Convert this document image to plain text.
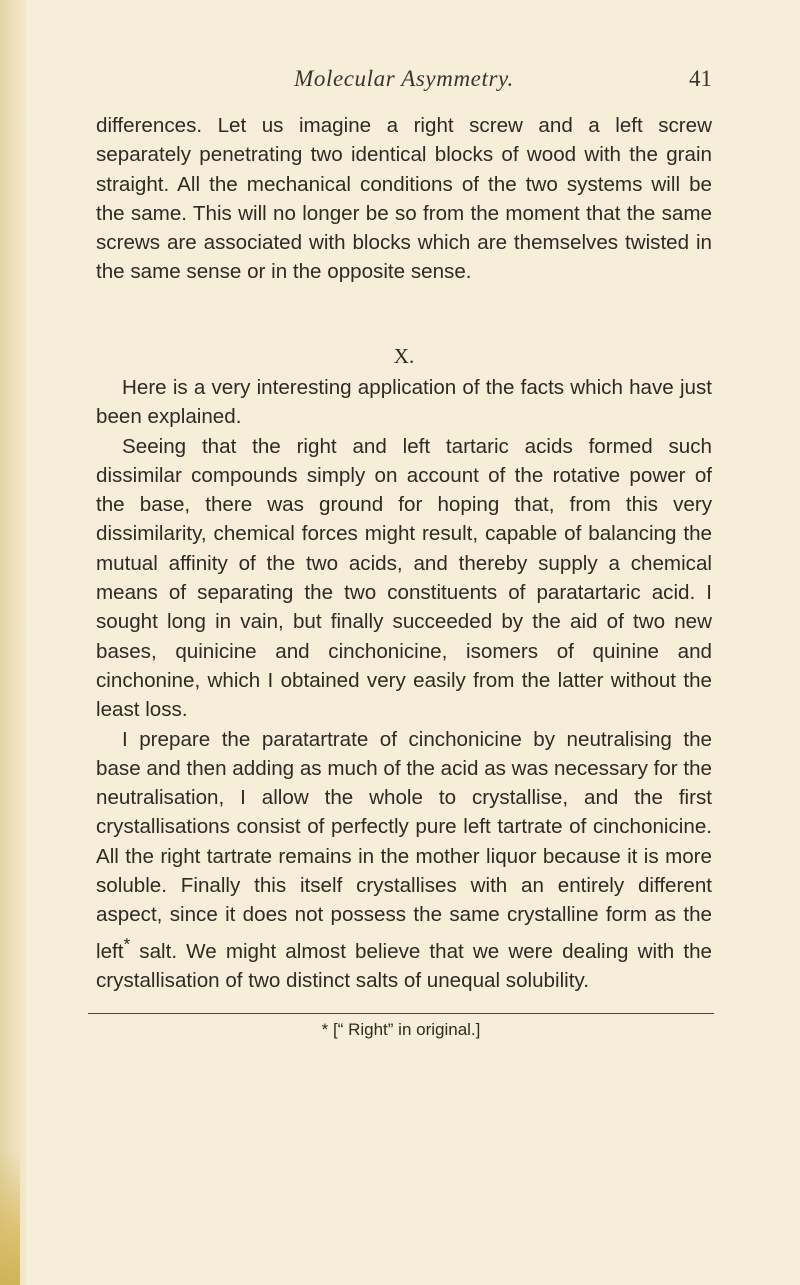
Molecular Asymmetry.	41

differences. Let us imagine a right screw and a left screw separately penetrating two identical blocks of wood with the grain straight. All the mechanical conditions of the two systems will be the same. This will no longer be so from the moment that the same screws are associated with blocks which are themselves twisted in the same sense or in the opposite sense.

X.

Here is a very interesting application of the facts which have just been explained.

Seeing that the right and left tartaric acids formed such dissimilar compounds simply on account of the rotative power of the base, there was ground for hoping that, from this very dissimilarity, chemical forces might result, capable of balancing the mutual affinity of the two acids, and thereby supply a chemical means of separating the two constituents of paratartaric acid. I sought long in vain, but finally succeeded by the aid of two new bases, quinicine and cinchonicine, isomers of quinine and cinchonine, which I obtained very easily from the latter without the least loss.

I prepare the paratartrate of cinchonicine by neutralising the base and then adding as much of the acid as was necessary for the neutralisation, I allow the whole to crystallise, and the first crystallisations consist of perfectly pure left tartrate of cinchonicine. All the right tartrate remains in the mother liquor because it is more soluble. Finally this itself crystallises with an entirely different aspect, since it does not possess the same crystalline form as the left* salt. We might almost believe that we were dealing with the crystallisation of two distinct salts of unequal solubility.

* [“ Right” in original.]
